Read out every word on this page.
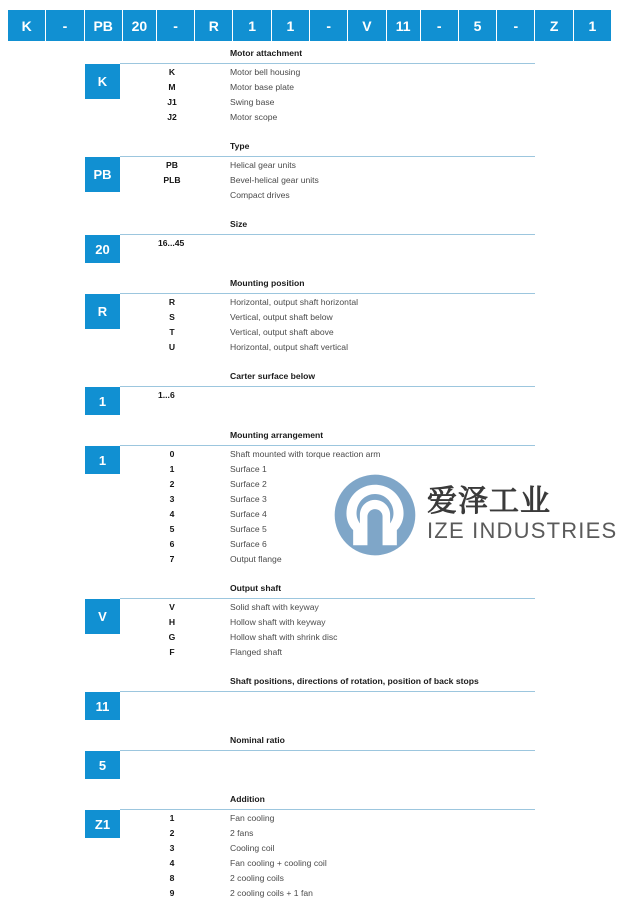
K	-	PB	20	-	R	1	1	-	V	11	-	5	-	Z	1
爱泽工业
IZE INDUSTRIES
Motor attachment
K
K	Motor bell housing
M	Motor base plate
J1	Swing base
J2	Motor scope
Type
PB
PB	Helical gear units
PLB	Bevel-helical gear units
Compact drives
Size
20	16...45
Mounting position
R
R	Horizontal, output shaft horizontal
S	Vertical, output shaft below
T	Vertical, output shaft above
U	Horizontal, output shaft vertical
Carter surface below
1	1...6
Mounting arrangement
1	0	Shaft mounted with torque reaction arm
1	Surface 1
2	Surface 2
3	Surface 3
4	Surface 4
5	Surface 5
6	Surface 6
7	Output flange
Output shaft
V
V	Solid shaft with keyway
H	Hollow shaft with keyway
G	Hollow shaft with shrink disc
F	Flanged shaft
Shaft positions, directions of rotation, position of back stops
11
Nominal ratio
5
Addition
Z1	1	Fan cooling
2	2 fans
3	Cooling coil
4	Fan cooling + cooling coil
8	2 cooling coils
9	2 cooling coils + 1 fan
